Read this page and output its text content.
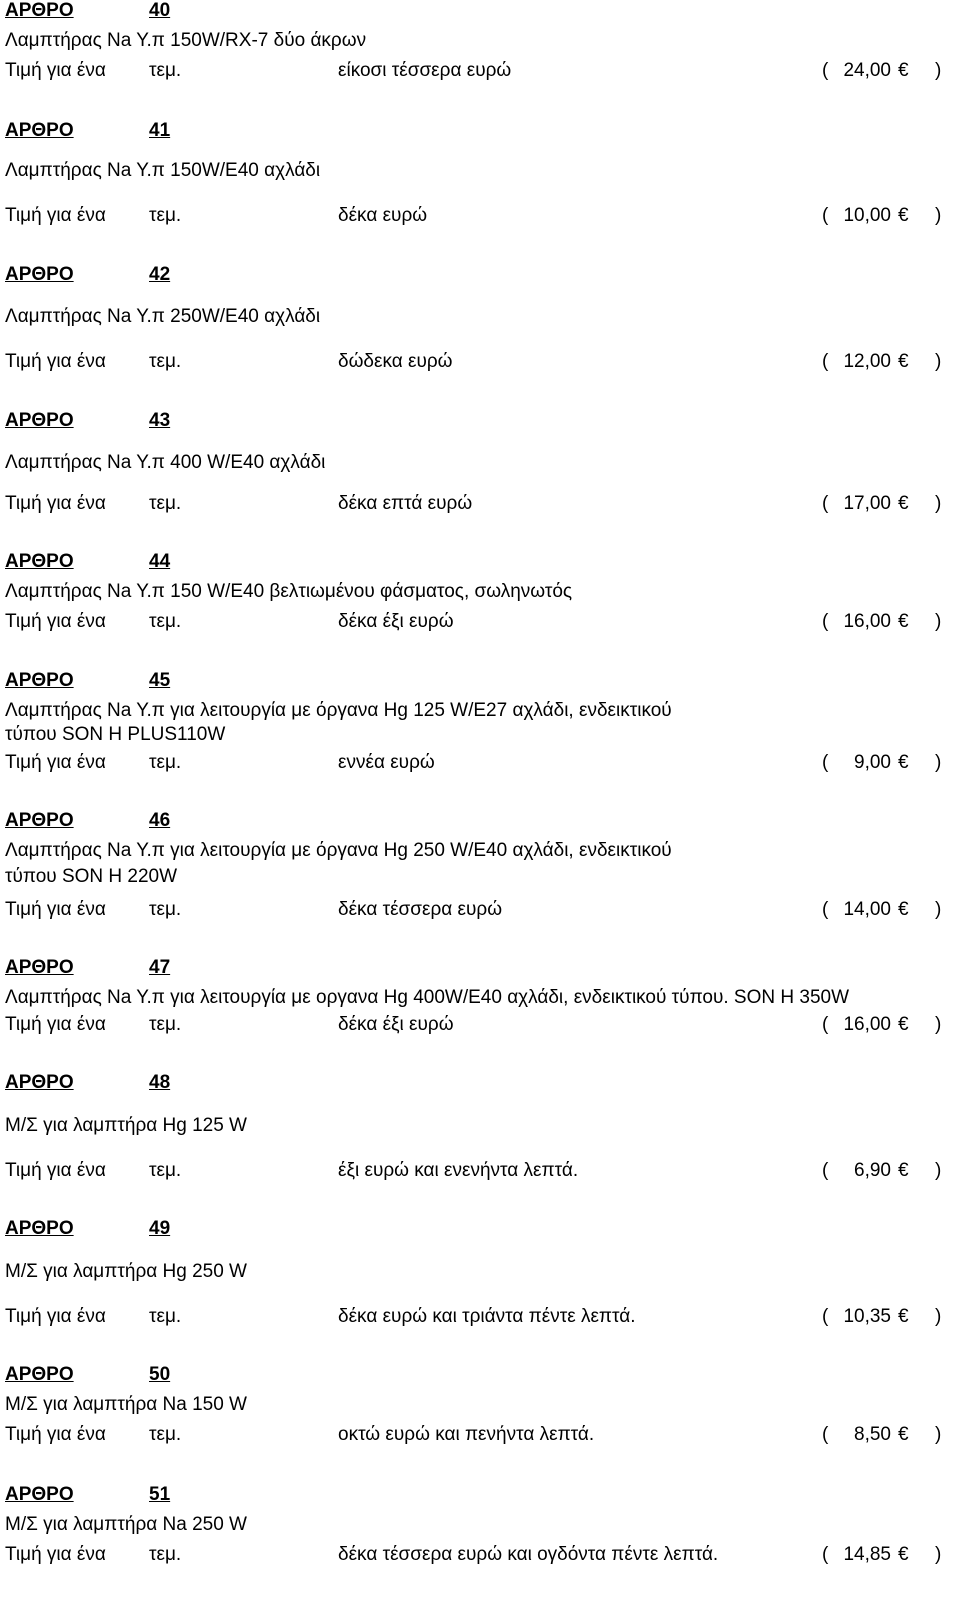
ΑΡΘΡΟ	40
Λαμπτήρας Na Y.π 150W/RX-7 δύο άκρων
Τιμή για ένα τεμ.	είκοσι τέσσερα ευρώ	( 24,00 € )
ΑΡΘΡΟ	41
Λαμπτήρας Na Y.π 150W/E40 αχλάδι
Τιμή για ένα τεμ.	δέκα ευρώ	( 10,00 € )
ΑΡΘΡΟ	42
Λαμπτήρας Na Y.π 250W/E40 αχλάδι
Τιμή για ένα τεμ.	δώδεκα ευρώ	( 12,00 € )
ΑΡΘΡΟ	43
Λαμπτήρας Na Y.π 400 W/E40 αχλάδι
Τιμή για ένα τεμ.	δέκα επτά ευρώ	( 17,00 € )
ΑΡΘΡΟ	44
Λαμπτήρας Na Y.π 150 W/E40 βελτιωμένου φάσματος, σωληνωτός
Τιμή για ένα τεμ.	δέκα έξι ευρώ	( 16,00 € )
ΑΡΘΡΟ	45
Λαμπτήρας Na Y.π για λειτουργία με όργανα Hg 125 W/E27 αχλάδι, ενδεικτικού
τύπου SON H PLUS110W
Τιμή για ένα τεμ.	εννέα ευρώ	( 9,00 € )
ΑΡΘΡΟ	46
Λαμπτήρας Na Y.π για λειτουργία με όργανα Hg 250 W/E40 αχλάδι, ενδεικτικού
τύπου SON H 220W
Τιμή για ένα τεμ.	δέκα τέσσερα ευρώ	( 14,00 € )
ΑΡΘΡΟ	47
Λαμπτήρας Na Y.π για λειτουργία με οργανα Hg 400W/E40 αχλάδι, ενδεικτικού τύπου. SON H 350W
Τιμή για ένα τεμ.	δέκα έξι ευρώ	( 16,00 € )
ΑΡΘΡΟ	48
Μ/Σ για λαμπτήρα Hg 125 W
Τιμή για ένα τεμ.	έξι ευρώ και ενενήντα λεπτά.	( 6,90 € )
ΑΡΘΡΟ	49
Μ/Σ για λαμπτήρα Hg 250 W
Τιμή για ένα τεμ.	δέκα ευρώ και τριάντα πέντε λεπτά.	( 10,35 € )
ΑΡΘΡΟ	50
Μ/Σ για λαμπτήρα Na 150 W
Τιμή για ένα τεμ.	οκτώ ευρώ και πενήντα λεπτά.	( 8,50 € )
ΑΡΘΡΟ	51
Μ/Σ για λαμπτήρα Na 250 W
Τιμή για ένα τεμ.	δέκα τέσσερα ευρώ και ογδόντα πέντε λεπτά.	( 14,85 € )
